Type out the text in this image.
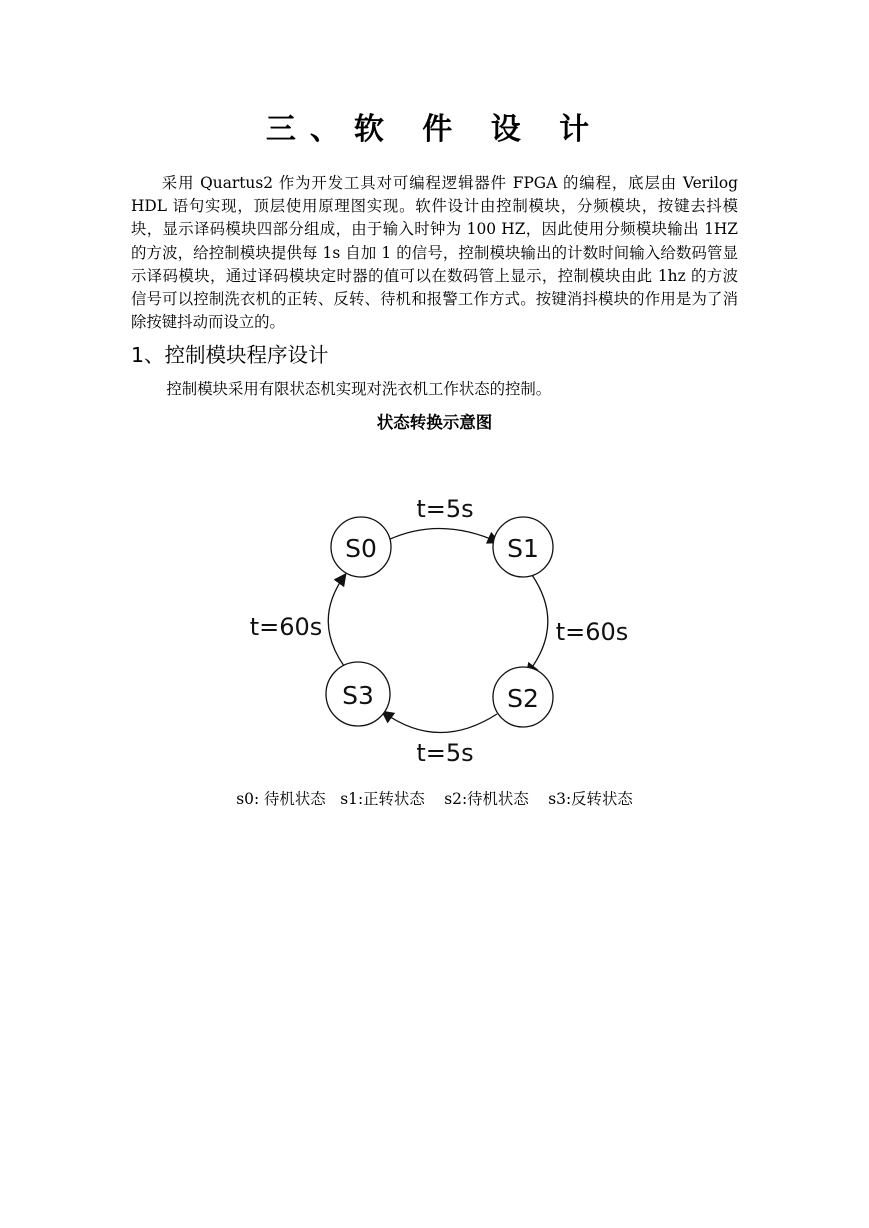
三、软 件 设 计
采用 Quartus2 作为开发工具对可编程逻辑器件 FPGA 的编程，底层由 Verilog HDL 语句实现，顶层使用原理图实现。软件设计由控制模块，分频模块，按键去抖模块，显示译码模块四部分组成，由于输入时钟为 100 HZ，因此使用分频模块输出 1HZ 的方波，给控制模块提供每 1s 自加 1 的信号，控制模块输出的计数时间输入给数码管显示译码模块，通过译码模块定时器的值可以在数码管上显示，控制模块由此 1hz 的方波信号可以控制洗衣机的正转、反转、待机和报警工作方式。按键消抖模块的作用是为了消除按键抖动而设立的。
1、控制模块程序设计
控制模块采用有限状态机实现对洗衣机工作状态的控制。
状态转换示意图
S0	S1
S2
S3
t=5s
t=60s
t=5s
t=60s
s0: 待机状态   s1:正转状态    s2:待机状态    s3:反转状态
